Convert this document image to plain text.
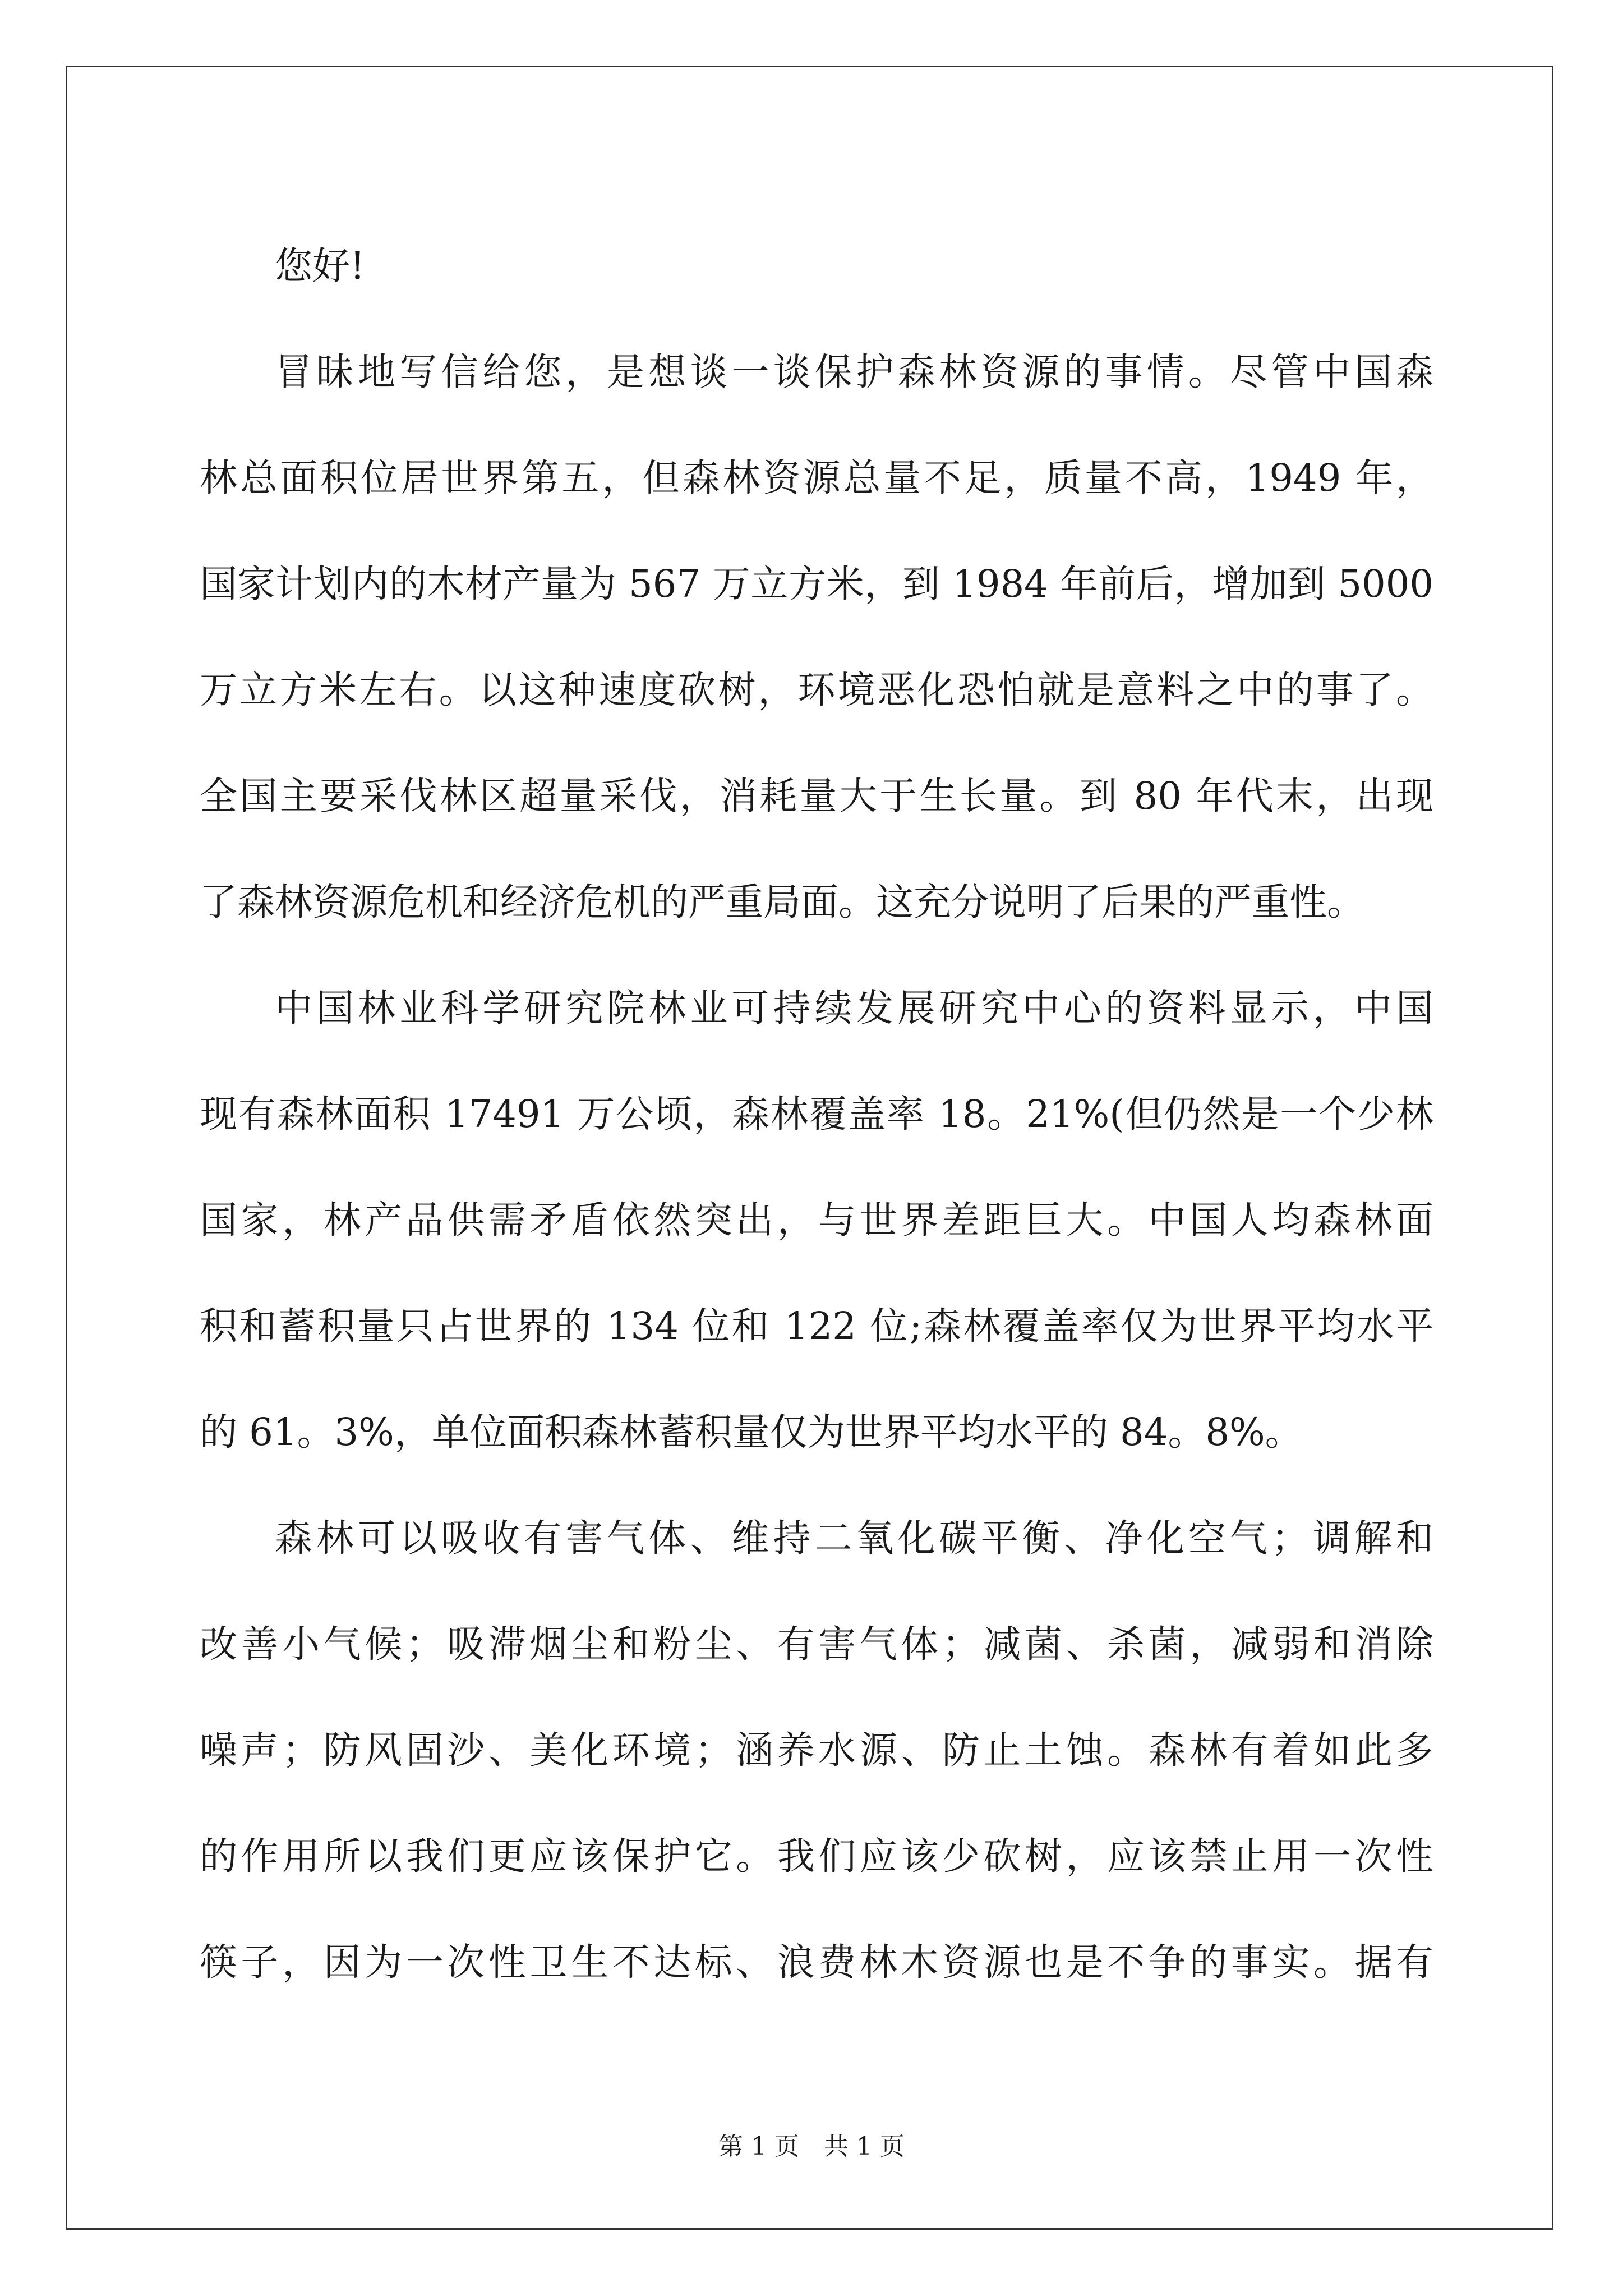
您好!

冒昧地写信给您，是想谈一谈保护森林资源的事情。尽管中国森
林总面积位居世界第五，但森林资源总量不足，质量不高，1949 年，
国家计划内的木材产量为 567 万立方米，到 1984 年前后，增加到 5000
万立方米左右。以这种速度砍树，环境恶化恐怕就是意料之中的事了。
全国主要采伐林区超量采伐，消耗量大于生长量。到 80 年代末，出现
了森林资源危机和经济危机的严重局面。这充分说明了后果的严重性。
中国林业科学研究院林业可持续发展研究中心的资料显示，中国
现有森林面积 17491 万公顷，森林覆盖率 18。21%(但仍然是一个少林
国家，林产品供需矛盾依然突出，与世界差距巨大。中国人均森林面
积和蓄积量只占世界的 134 位和 122 位;森林覆盖率仅为世界平均水平
的 61。3%，单位面积森林蓄积量仅为世界平均水平的 84。8%。
森林可以吸收有害气体、维持二氧化碳平衡、净化空气；调解和
改善小气候；吸滞烟尘和粉尘、有害气体；减菌、杀菌，减弱和消除
噪声；防风固沙、美化环境；涵养水源、防止土蚀。森林有着如此多
的作用所以我们更应该保护它。我们应该少砍树，应该禁止用一次性
筷子，因为一次性卫生不达标、浪费林木资源也是不争的事实。据有
第 1 页　共 1 页
